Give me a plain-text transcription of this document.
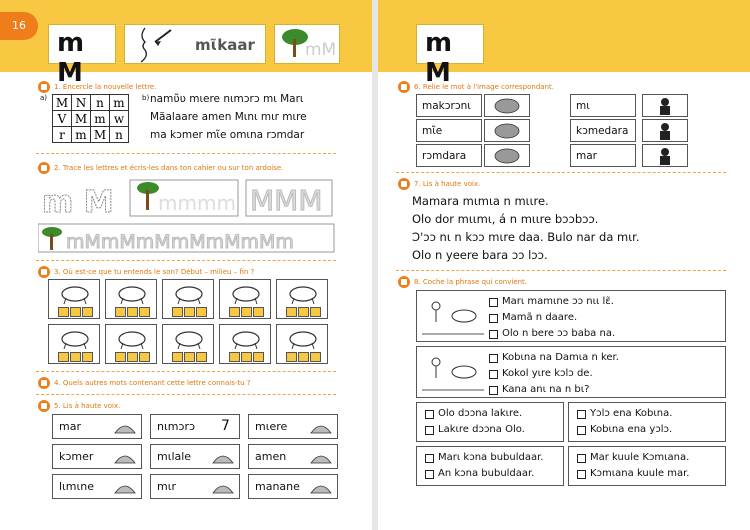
16
m M
mɩ̃kaar	mM
1. Encercle la nouvelle lettre.
a) M	N	n	m
V	M	m	w
r	m	M	n
b) namʋ̃ʋ mɩere nɩmɔrɔ mɩ Marɩ
Mãalaare amen Mɩnɩ mɩr mɩre
ma kɔmer mɩ̃e omɩna rɔmdar
2. Trace les lettres et écris-les dans ton cahier ou sur ton ardoise.
m M mmmm MMM
mMmMmMmMmMmMm
3. Où est-ce que tu entends le son? Début – milieu – fin ?
4. Quels autres mots contenant cette lettre connais-tu ?
5. Lis à haute voix.
mar	nɩmɔrɔ 7 mɩere
kɔmer	mɩlale	amen
lɩmɩne	mɩr	manane
m M
6. Relie le mot à l'image correspondant.
makɔrɔnɩ	mɩ
mɩ̃e	kɔmedara
rɔmdara	mar
7. Lis à haute voix.
Mamara mɩmɩa n mɩɩre.
Olo dor mɩɩmɩ, á n mɩɩre bɔɔbɔɔ.
Ɔ'ɔɔ nɩ n kɔɔ mɩre daa. Bulo nar da mɩr.
Olo n yeere bara ɔɔ lɔɔ.
8. Coche la phrase qui convient.
Marɩ mamɩne ɔɔ nɩɩ lɛ̃.
Mamã n daare.
Olo n bere ɔɔ baba na.
Kobɩna na Damɩa n ker.
Kokol yɩre kɔlɔ de.
Kana anɩ na n bɩ?
Olo dɔɔna lakɩre.
Lakɩre dɔɔna Olo.
Yɔlɔ ena Kobɩna.
Kobɩna ena yɔlɔ.
Marɩ kɔna bubuldaar.
An kɔna bubuldaar.
Mar kuule Kɔmɩana.
Kɔmɩana kuule mar.
